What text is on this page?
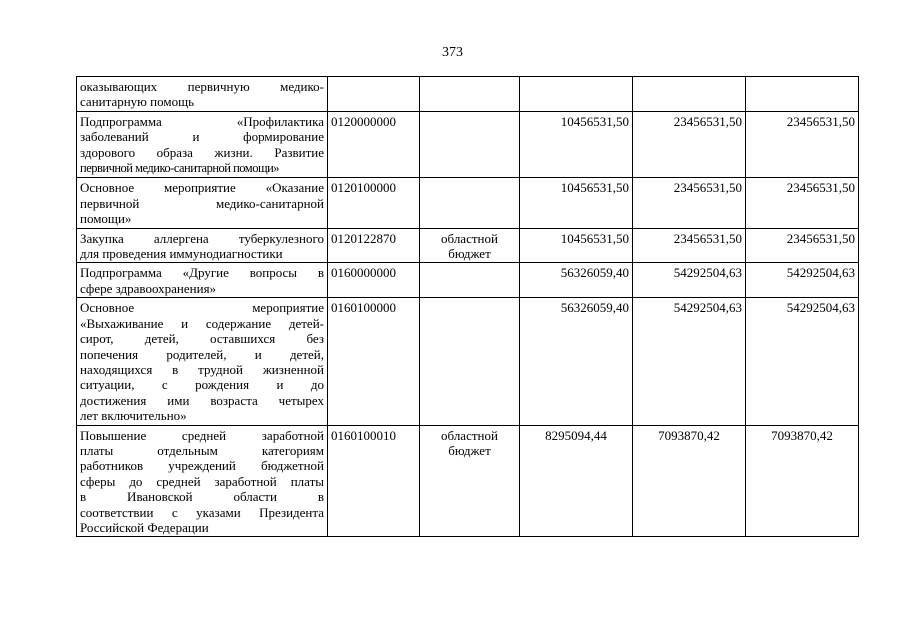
373
оказывающих первичную медико-санитарную помощь					
Подпрограмма «Профилактиказаболеваний и формированиездорового образа жизни. Развитиепервичной медико-санитарной помощи»	0120000000		10456531,50	23456531,50	23456531,50
Основное мероприятие «Оказаниепервичной медико-санитарнойпомощи»	0120100000		10456531,50	23456531,50	23456531,50
Закупка аллергена туберкулезногодля проведения иммунодиагностики	0120122870	областной бюджет	10456531,50	23456531,50	23456531,50
Подпрограмма «Другие вопросы всфере здравоохранения»	0160000000		56326059,40	54292504,63	54292504,63
Основное мероприятие«Выхаживание и содержание детей-сирот, детей, оставшихся безпопечения родителей, и детей,находящихся в трудной жизненнойситуации, с рождения и додостижения ими возраста четырехлет включительно»	0160100000		56326059,40	54292504,63	54292504,63
Повышение средней заработнойплаты отдельным категориямработников учреждений бюджетнойсферы до средней заработной платыв Ивановской области всоответствии с указами ПрезидентаРоссийской Федерации	0160100010	областной бюджет	8295094,44	7093870,42	7093870,42
